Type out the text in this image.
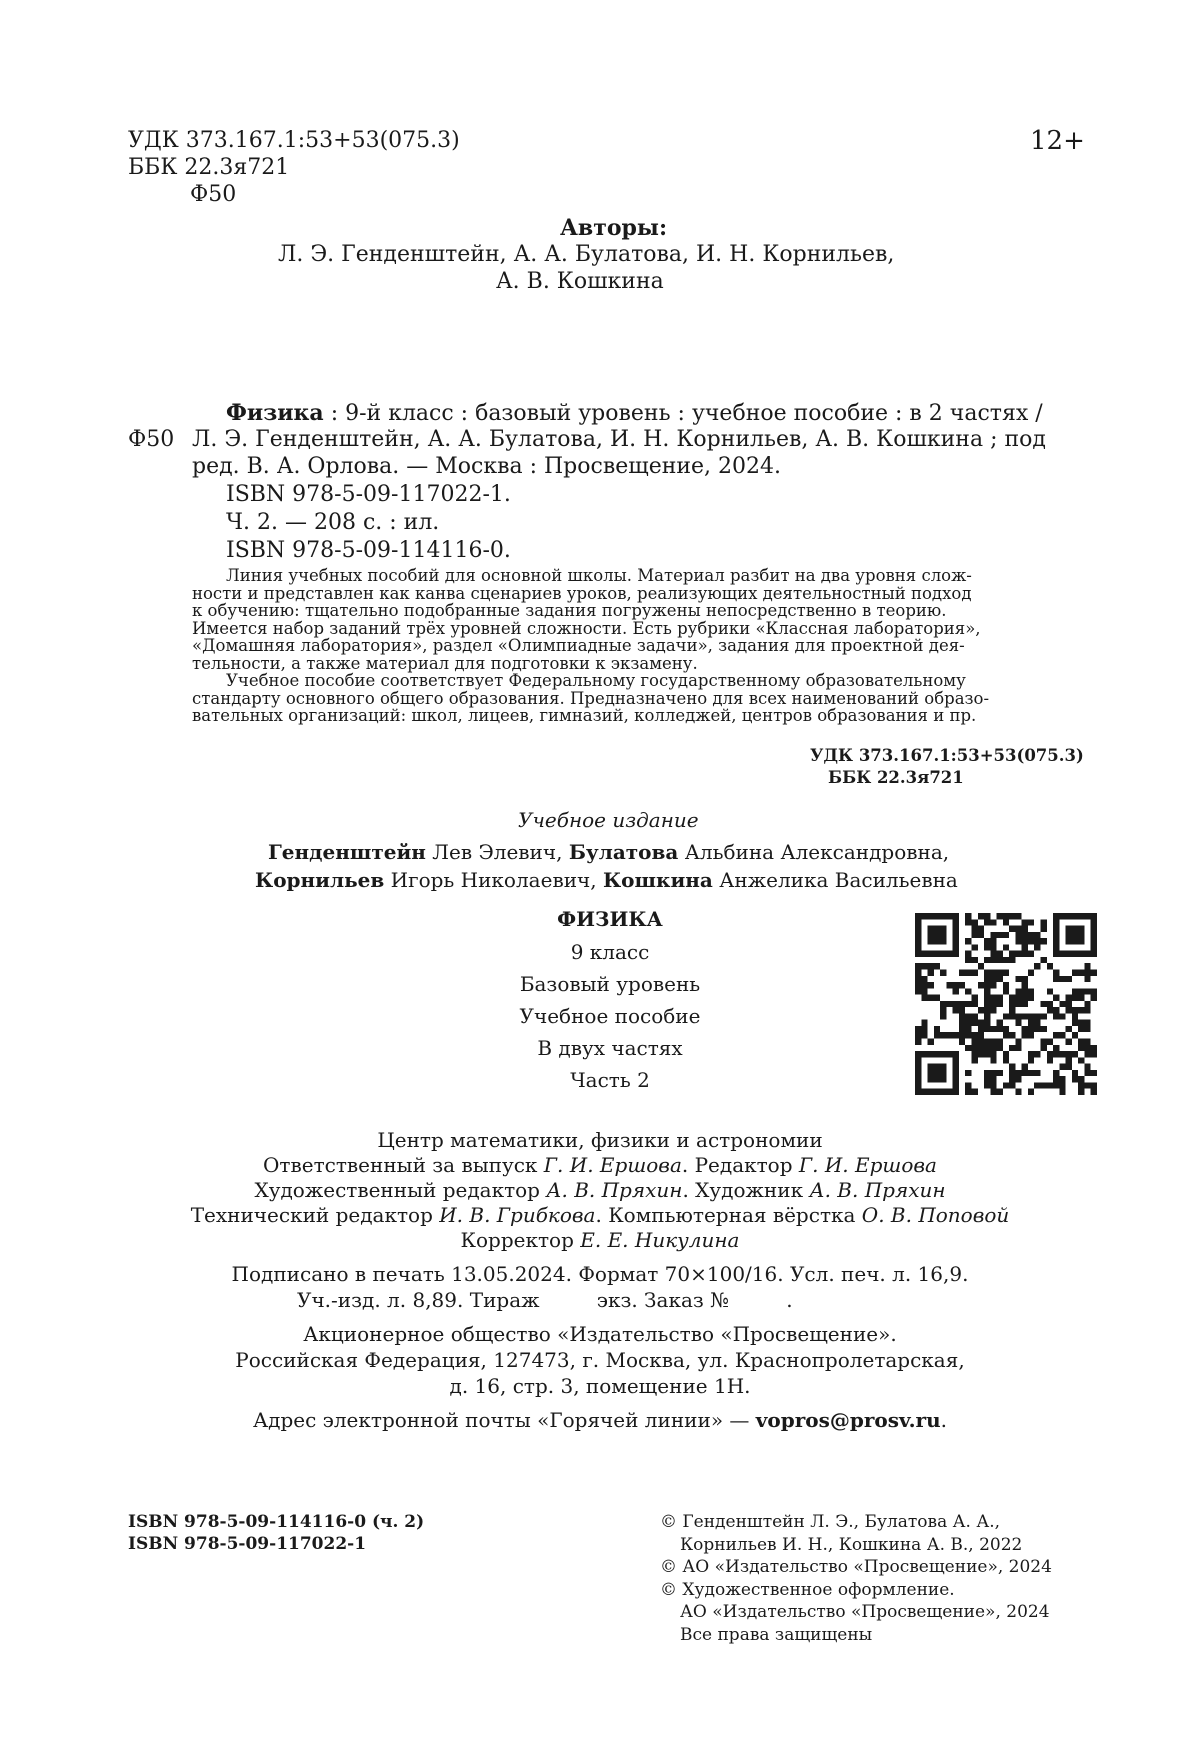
УДК 373.167.1:53+53(075.3)
ББК 22.3я721
Ф50
12+
Авторы:
Л. Э. Генденштейн, А. А. Булатова, И. Н. Корнильев,
А. В. Кошкина
Ф50
Физика : 9-й класс : базовый уровень : учебное пособие : в 2 частях /
Л. Э. Генденштейн, А. А. Булатова, И. Н. Корнильев, А. В. Кошкина ; под
ред. В. А. Орлова. — Москва : Просвещение, 2024.
ISBN 978-5-09-117022-1.
Ч. 2. — 208 с. : ил.
ISBN 978-5-09-114116-0.
Линия учебных пособий для основной школы. Материал разбит на два уровня слож-
ности и представлен как канва сценариев уроков, реализующих деятельностный подход
к обучению: тщательно подобранные задания погружены непосредственно в теорию.
Имеется набор заданий трёх уровней сложности. Есть рубрики «Классная лаборатория»,
«Домашняя лаборатория», раздел «Олимпиадные задачи», задания для проектной дея-
тельности, а также материал для подготовки к экзамену.
Учебное пособие соответствует Федеральному государственному образовательному
стандарту основного общего образования. Предназначено для всех наименований образо-
вательных организаций: школ, лицеев, гимназий, колледжей, центров образования и пр.
УДК 373.167.1:53+53(075.3)
ББК 22.3я721
Учебное издание
Генденштейн Лев Элевич, Булатова Альбина Александровна,
Корнильев Игорь Николаевич, Кошкина Анжелика Васильевна
ФИЗИКА
9 класс
Базовый уровень
Учебное пособие
В двух частях
Часть 2
Центр математики, физики и астрономии
Ответственный за выпуск Г. И. Ершова. Редактор Г. И. Ершова
Художественный редактор А. В. Пряхин. Художник А. В. Пряхин
Технический редактор И. В. Грибкова. Компьютерная вёрстка О. В. Поповой
Корректор Е. Е. Никулина
Подписано в печать 13.05.2024. Формат 70×100/16. Усл. печ. л. 16,9.
Уч.-изд. л. 8,89. Тираж         экз. Заказ №         .
Акционерное общество «Издательство «Просвещение».
Российская Федерация, 127473, г. Москва, ул. Краснопролетарская,
д. 16, стр. 3, помещение 1Н.
Адрес электронной почты «Горячей линии» — vopros@prosv.ru.
ISBN 978-5-09-114116-0 (ч. 2)
ISBN 978-5-09-117022-1
© Генденштейн Л. Э., Булатова А. А.,
Корнильев И. Н., Кошкина А. В., 2022
© АО «Издательство «Просвещение», 2024
© Художественное оформление.
АО «Издательство «Просвещение», 2024
Все права защищены
